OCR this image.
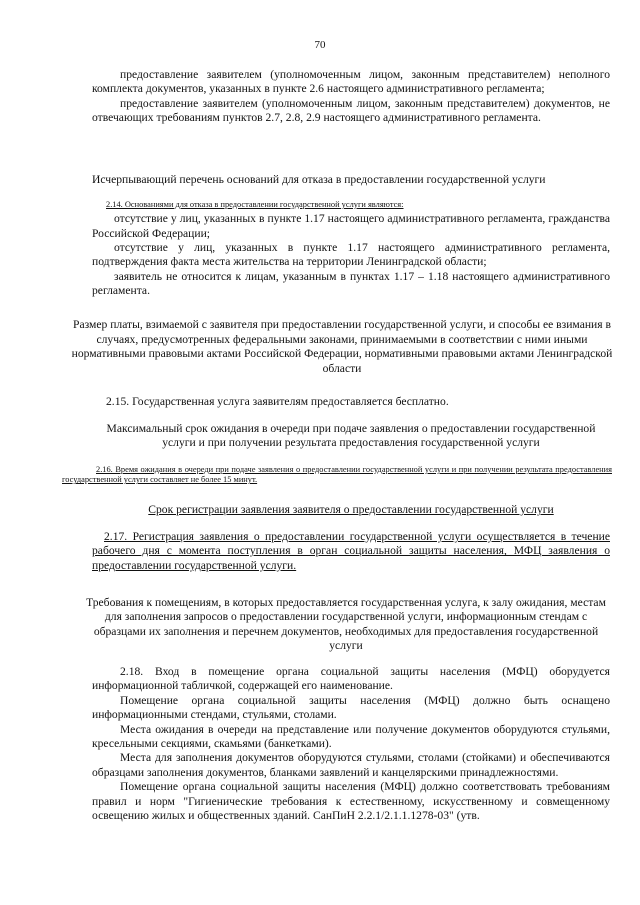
70

предоставление заявителем (уполномоченным лицом, законным представителем) неполного комплекта документов, указанных в пункте 2.6 настоящего административного регламента;

предоставление заявителем (уполномоченным лицом, законным представителем) документов, не отвечающих требованиям пунктов 2.7, 2.8, 2.9 настоящего административного регламента.

Исчерпывающий перечень оснований для отказа в предоставлении государственной услуги

2.14. Основаниями для отказа в предоставлении государственной услуги являются:

отсутствие у лиц, указанных в пункте 1.17 настоящего административного регламента, гражданства Российской Федерации;

отсутствие у лиц, указанных в пункте 1.17 настоящего административного регламента, подтверждения факта места жительства на территории Ленинградской области;

заявитель не относится к лицам, указанным в пунктах 1.17 – 1.18 настоящего административного регламента.

Размер платы, взимаемой с заявителя при предоставлении государственной услуги, и способы ее взимания в случаях, предусмотренных федеральными законами, принимаемыми в соответствии с ними иными нормативными правовыми актами Российской Федерации, нормативными правовыми актами Ленинградской области
2.15. Государственная услуга заявителям предоставляется бесплатно.
Максимальный срок ожидания в очереди при подаче заявления о предоставлении государственной услуги и при получении результата предоставления государственной услуги
2.16. Время ожидания в очереди при подаче заявления о предоставлении государственной услуги и при получении результата предоставления государственной услуги составляет не более 15 минут.
Срок регистрации заявления заявителя о предоставлении государственной услуги
2.17. Регистрация заявления о предоставлении государственной услуги осуществляется в течение рабочего дня с момента поступления в орган социальной защиты населения, МФЦ заявления о предоставлении государственной услуги.
Требования к помещениям, в которых предоставляется государственная услуга, к залу ожидания, местам для заполнения запросов о предоставлении государственной услуги, информационным стендам с образцами их заполнения и перечнем документов, необходимых для предоставления государственной услуги

2.18. Вход в помещение органа социальной защиты населения (МФЦ) оборудуется информационной табличкой, содержащей его наименование.

Помещение органа социальной защиты населения (МФЦ) должно быть оснащено информационными стендами, стульями, столами.

Места ожидания в очереди на представление или получение документов оборудуются стульями, кресельными секциями, скамьями (банкетками).

Места для заполнения документов оборудуются стульями, столами (стойками) и обеспечиваются образцами заполнения документов, бланками заявлений и канцелярскими принадлежностями.

Помещение органа социальной защиты населения (МФЦ) должно соответствовать требованиям правил и норм "Гигиенические требования к естественному, искусственному и совмещенному освещению жилых и общественных зданий. СанПиН 2.2.1/2.1.1.1278-03" (утв.
